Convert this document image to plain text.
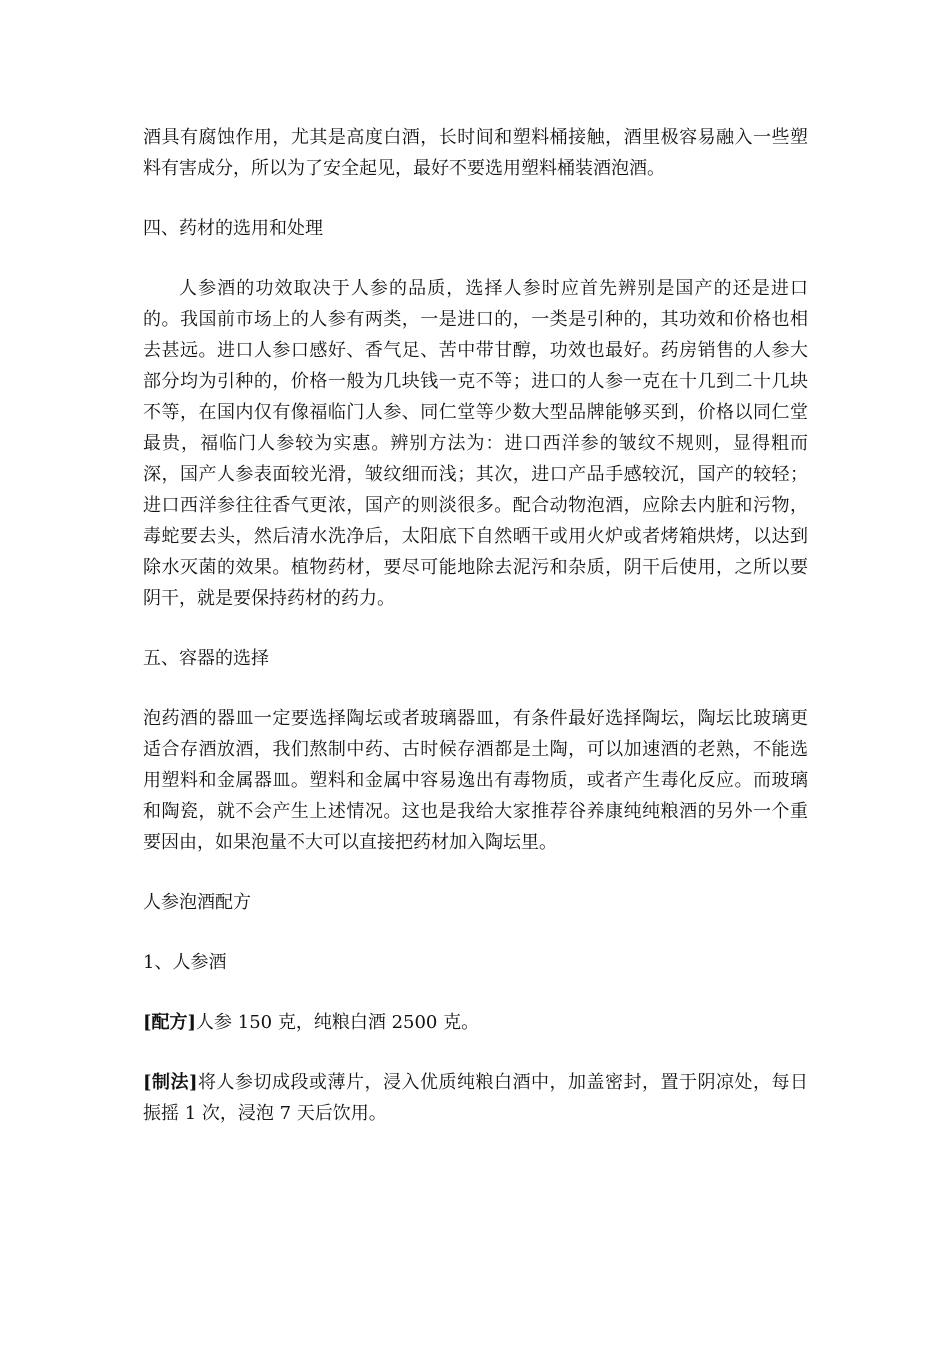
酒具有腐蚀作用，尤其是高度白酒，长时间和塑料桶接触，酒里极容易融入一些塑料有害成分，所以为了安全起见，最好不要选用塑料桶装酒泡酒。

四、药材的选用和处理

人参酒的功效取决于人参的品质，选择人参时应首先辨别是国产的还是进口的。我国前市场上的人参有两类，一是进口的，一类是引种的，其功效和价格也相去甚远。进口人参口感好、香气足、苦中带甘醇，功效也最好。药房销售的人参大部分均为引种的，价格一般为几块钱一克不等；进口的人参一克在十几到二十几块不等，在国内仅有像福临门人参、同仁堂等少数大型品牌能够买到，价格以同仁堂最贵，福临门人参较为实惠。辨别方法为：进口西洋参的皱纹不规则，显得粗而深，国产人参表面较光滑，皱纹细而浅；其次，进口产品手感较沉，国产的较轻；进口西洋参往往香气更浓，国产的则淡很多。配合动物泡酒，应除去内脏和污物，毒蛇要去头，然后清水洗净后，太阳底下自然晒干或用火炉或者烤箱烘烤，以达到除水灭菌的效果。植物药材，要尽可能地除去泥污和杂质，阴干后使用，之所以要阴干，就是要保持药材的药力。

五、容器的选择

泡药酒的器皿一定要选择陶坛或者玻璃器皿，有条件最好选择陶坛，陶坛比玻璃更适合存酒放酒，我们熬制中药、古时候存酒都是土陶，可以加速酒的老熟，不能选用塑料和金属器皿。塑料和金属中容易逸出有毒物质，或者产生毒化反应。而玻璃和陶瓷，就不会产生上述情况。这也是我给大家推荐谷养康纯纯粮酒的另外一个重要因由，如果泡量不大可以直接把药材加入陶坛里。

人参泡酒配方

1、人参酒

[配方]人参 150 克，纯粮白酒 2500 克。

[制法]将人参切成段或薄片，浸入优质纯粮白酒中，加盖密封，置于阴凉处，每日振摇 1 次，浸泡 7 天后饮用。
